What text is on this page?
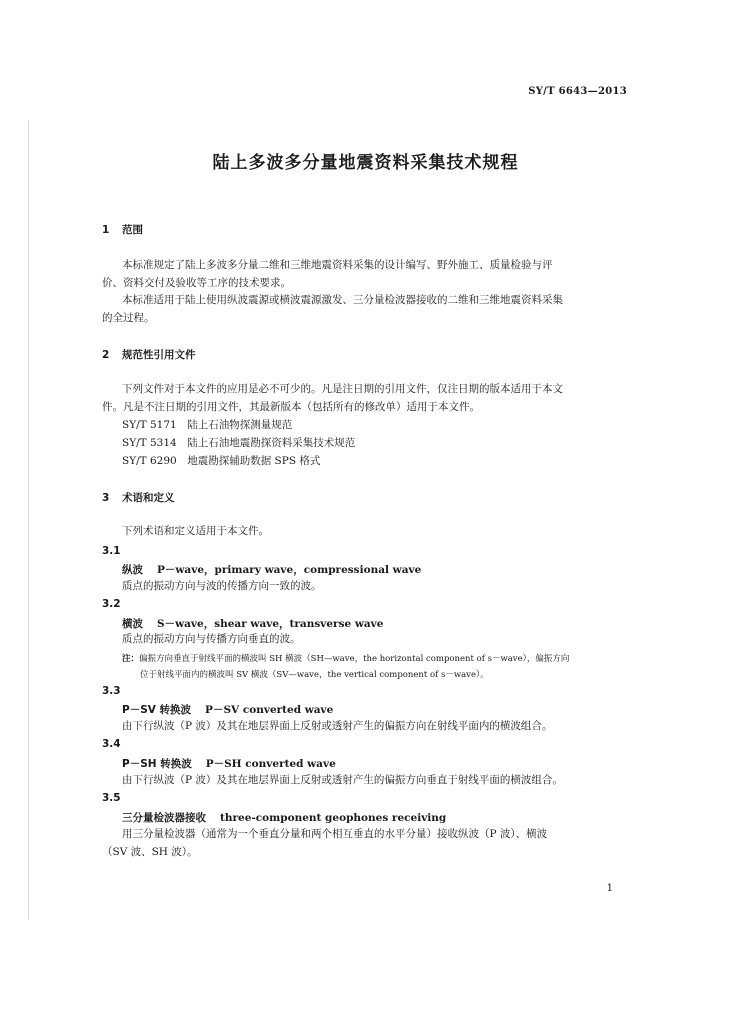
SY/T 6643—2013
陆上多波多分量地震资料采集技术规程
1 范围
本标准规定了陆上多波多分量二维和三维地震资料采集的设计编写、野外施工、质量检验与评
价、资料交付及验收等工序的技术要求。
本标准适用于陆上使用纵波震源或横波震源激发、三分量检波器接收的二维和三维地震资料采集
的全过程。
2 规范性引用文件
下列文件对于本文件的应用是必不可少的。凡是注日期的引用文件，仅注日期的版本适用于本文
件。凡是不注日期的引用文件，其最新版本（包括所有的修改单）适用于本文件。
SY/T 5171　陆上石油物探测量规范
SY/T 5314　陆上石油地震勘探资料采集技术规范
SY/T 6290　地震勘探辅助数据 SPS 格式
3 术语和定义
下列术语和定义适用于本文件。
3.1
纵波 P－wave，primary wave，compressional wave
质点的振动方向与波的传播方向一致的波。
3.2
横波 S－wave，shear wave，transverse wave
质点的振动方向与传播方向垂直的波。
注：偏振方向垂直于射线平面的横波叫 SH 横波（SH—wave，the horizontal component of s－wave），偏振方向
位于射线平面内的横波叫 SV 横波（SV—wave，the vertical component of s－wave）。
3.3
P－SV 转换波 P－SV converted wave
由下行纵波（P 波）及其在地层界面上反射或透射产生的偏振方向在射线平面内的横波组合。
3.4
P－SH 转换波 P－SH converted wave
由下行纵波（P 波）及其在地层界面上反射或透射产生的偏振方向垂直于射线平面的横波组合。
3.5
三分量检波器接收 three-component geophones receiving
用三分量检波器（通常为一个垂直分量和两个相互垂直的水平分量）接收纵波（P 波）、横波
（SV 波、SH 波）。
1
